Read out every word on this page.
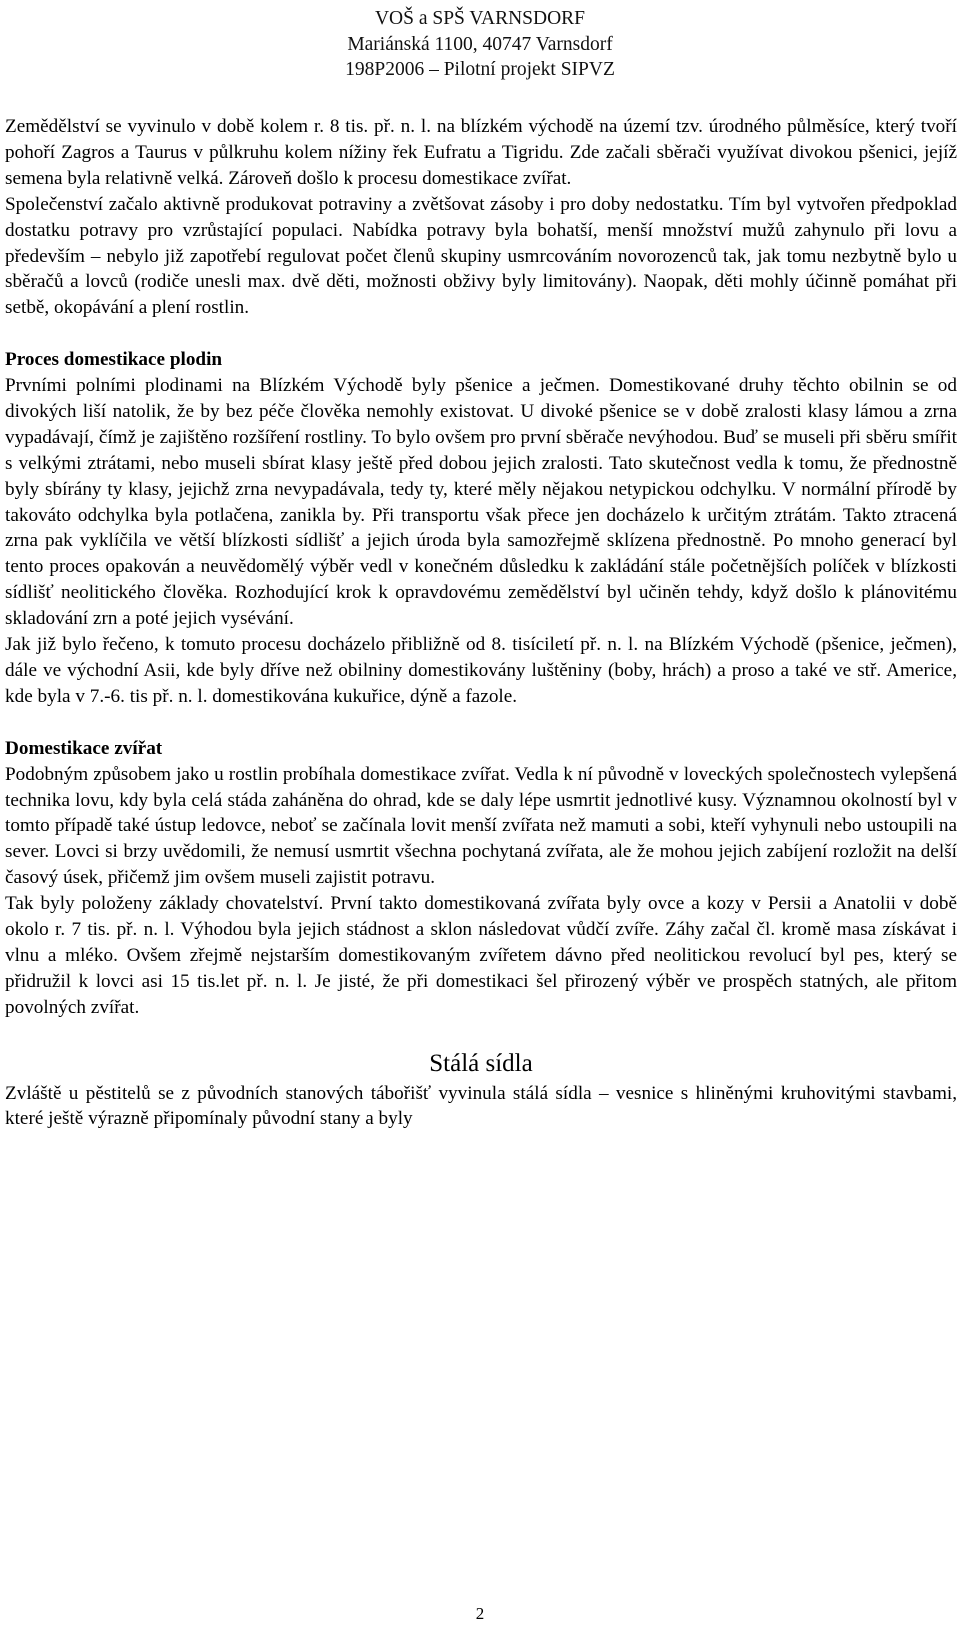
VOŠ a SPŠ VARNSDORF
Mariánská 1100, 40747 Varnsdorf
198P2006 – Pilotní projekt SIPVZ

Zemědělství se vyvinulo v době kolem r. 8 tis. př. n. l. na blízkém východě na území tzv. úrodného půlměsíce, který tvoří pohoří Zagros a Taurus v půlkruhu kolem nížiny řek Eufratu a Tigridu. Zde začali sběrači využívat divokou pšenici, jejíž semena byla relativně velká. Zároveň došlo k procesu domestikace zvířat.

Společenství začalo aktivně produkovat potraviny a zvětšovat zásoby i pro doby nedostatku. Tím byl vytvořen předpoklad dostatku potravy pro vzrůstající populaci. Nabídka potravy byla bohatší, menší množství mužů zahynulo při lovu a především – nebylo již zapotřebí regulovat počet členů skupiny usmrcováním novorozenců tak, jak tomu nezbytně bylo u sběračů a lovců (rodiče unesli max. dvě děti, možnosti obživy byly limitovány). Naopak, děti mohly účinně pomáhat při setbě, okopávání a plení rostlin.

Proces domestikace plodin

Prvními polními plodinami na Blízkém Východě byly pšenice a ječmen. Domestikované druhy těchto obilnin se od divokých liší natolik, že by bez péče člověka nemohly existovat. U divoké pšenice se v době zralosti klasy lámou a zrna vypadávají, čímž je zajištěno rozšíření rostliny. To bylo ovšem pro první sběrače nevýhodou. Buď se museli při sběru smířit s velkými ztrátami, nebo museli sbírat klasy ještě před dobou jejich zralosti. Tato skutečnost vedla k tomu, že přednostně byly sbírány ty klasy, jejichž zrna nevypadávala, tedy ty, které měly nějakou netypickou odchylku. V normální přírodě by takováto odchylka byla potlačena, zanikla by. Při transportu však přece jen docházelo k určitým ztrátám. Takto ztracená zrna pak vyklíčila ve větší blízkosti sídlišť a jejich úroda byla samozřejmě sklízena přednostně. Po mnoho generací byl tento proces opakován a neuvědomělý výběr vedl v konečném důsledku k zakládání stále početnějších políček v blízkosti sídlišť neolitického člověka. Rozhodující krok k opravdovému zemědělství byl učiněn tehdy, když došlo k plánovitému skladování zrn a poté jejich vysévání.

Jak již bylo řečeno, k tomuto procesu docházelo přibližně od 8. tisíciletí př. n. l. na Blízkém Východě (pšenice, ječmen), dále ve východní Asii, kde byly dříve než obilniny domestikovány luštěniny (boby, hrách) a proso a také ve stř. Americe, kde byla v 7.-6. tis př. n. l. domestikována kukuřice, dýně a fazole.

Domestikace zvířat

Podobným způsobem jako u rostlin probíhala domestikace zvířat. Vedla k ní původně v loveckých společnostech vylepšená technika lovu, kdy byla celá stáda zaháněna do ohrad, kde se daly lépe usmrtit jednotlivé kusy. Významnou okolností byl v tomto případě také ústup ledovce, neboť se začínala lovit menší zvířata než mamuti a sobi, kteří vyhynuli nebo ustoupili na sever. Lovci si brzy uvědomili, že nemusí usmrtit všechna pochytaná zvířata, ale že mohou jejich zabíjení rozložit na delší časový úsek, přičemž jim ovšem museli zajistit potravu.

Tak byly položeny základy chovatelství. První takto domestikovaná zvířata byly ovce a kozy v Persii a Anatolii v době okolo r. 7 tis. př. n. l. Výhodou byla jejich stádnost a sklon následovat vůdčí zvíře. Záhy začal čl. kromě masa získávat i vlnu a mléko. Ovšem zřejmě nejstarším domestikovaným zvířetem dávno před neolitickou revolucí byl pes, který se přidružil k lovci asi 15 tis.let př. n. l. Je jisté, že při domestikaci šel přirozený výběr ve prospěch statných, ale přitom povolných zvířat.

Stálá sídla

Zvláště u pěstitelů se z původních stanových tábořišť vyvinula stálá sídla – vesnice s hliněnými kruhovitými stavbami, které ještě výrazně připomínaly původní stany a byly

2
